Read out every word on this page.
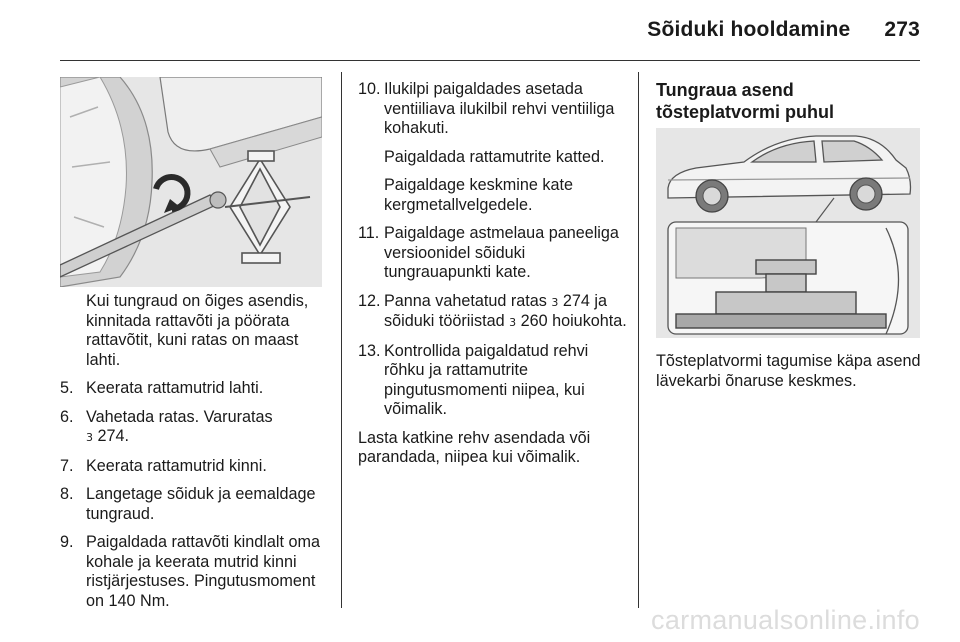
Sõiduki hooldamine 273
Kui tungraud on õiges asendis, kinnitada rattavõti ja pöörata rattavõtit, kuni ratas on maast lahti.
5. Keerata rattamutrid lahti.
6. Vahetada ratas. Varuratas
3 274.
7. Keerata rattamutrid kinni.
8. Langetage sõiduk ja eemaldage tungraud.
9. Paigaldada rattavõti kindlalt oma kohale ja keerata mutrid kinni ristjärjestuses. Pingutusmoment on 140 Nm.
10. Ilukilpi paigaldades asetada ventiiliava ilukilbil rehvi ventiiliga kohakuti.
Paigaldada rattamutrite katted.
Paigaldage keskmine kate kergmetallvelgedele.
11. Paigaldage astmelaua paneeliga versioonidel sõiduki tungrauapunkti kate.
12. Panna vahetatud ratas 3 274 ja sõiduki tööriistad 3 260 hoiukohta.
13. Kontrollida paigaldatud rehvi rõhku ja rattamutrite pingutusmomenti niipea, kui võimalik.
Lasta katkine rehv asendada või parandada, niipea kui võimalik.
Tungraua asend tõsteplatvormi puhul
Tõsteplatvormi tagumise käpa asend lävekarbi õnaruse keskmes.
carmanualsonline.info
